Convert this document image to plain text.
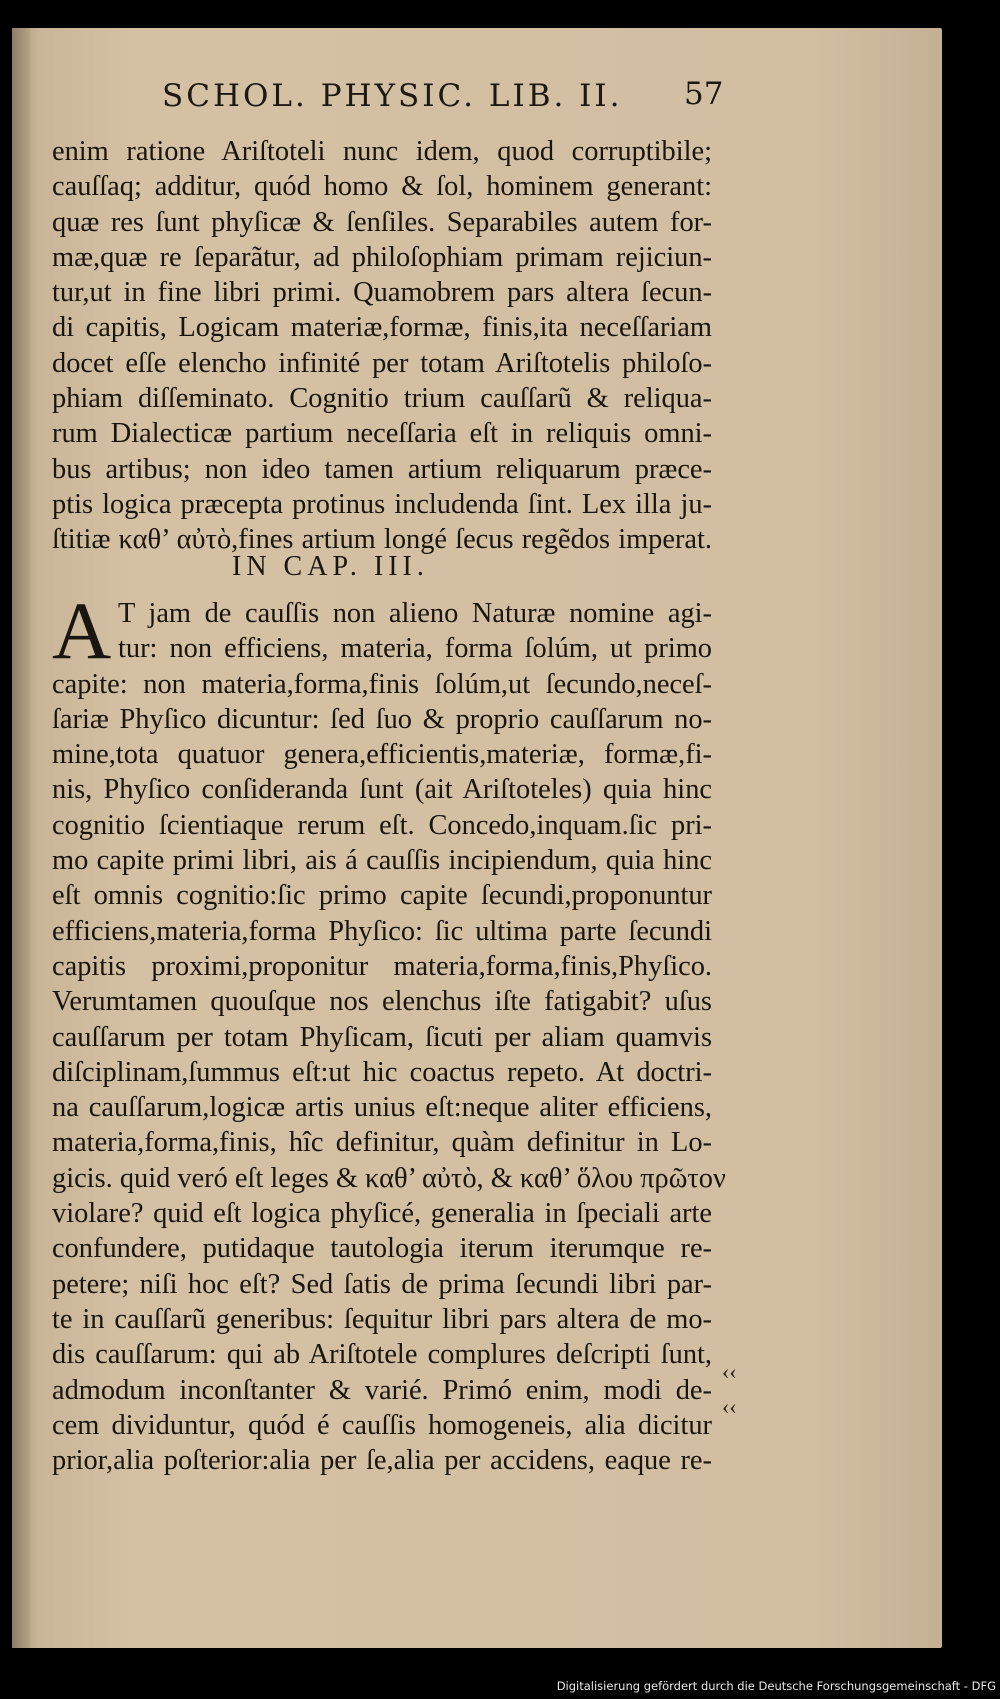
SCHOL. PHYSIC. LIB. II.	57
enim ratione Ariſtoteli nunc idem, quod corruptibile;
cauſſaq; additur, quód homo & ſol, hominem generant:
quæ res ſunt phyſicæ & ſenſiles. Separabiles autem for-
mæ,quæ re ſeparãtur, ad philoſophiam primam rejiciun-
tur,ut in fine libri primi. Quamobrem pars altera ſecun-
di capitis, Logicam materiæ,formæ, finis,ita neceſſariam
docet eſſe elencho infinité per totam Ariſtotelis philoſo-
phiam diſſeminato. Cognitio trium cauſſarũ & reliqua-
rum Dialecticæ partium neceſſaria eſt in reliquis omni-
bus artibus; non ideo tamen artium reliquarum præce-
ptis logica præcepta protinus includenda ſint. Lex illa ju-
ſtitiæ καθ’ αὐτὸ,fines artium longé ſecus regẽdos imperat.
IN CAP. III.
A T jam de cauſſis non alieno Naturæ nomine agi-
tur: non efficiens, materia, forma ſolúm, ut primo
capite: non materia,forma,finis ſolúm,ut ſecundo,neceſ-
ſariæ Phyſico dicuntur: ſed ſuo & proprio cauſſarum no-
mine,tota quatuor genera,efficientis,materiæ, formæ,fi-
nis, Phyſico conſideranda ſunt (ait Ariſtoteles) quia hinc
cognitio ſcientiaque rerum eſt. Concedo,inquam.ſic pri-
mo capite primi libri, ais á cauſſis incipiendum, quia hinc
eſt omnis cognitio:ſic primo capite ſecundi,proponuntur
efficiens,materia,forma Phyſico: ſic ultima parte ſecundi
capitis proximi,proponitur materia,forma,finis,Phyſico.
Verumtamen quouſque nos elenchus iſte fatigabit? uſus
cauſſarum per totam Phyſicam, ſicuti per aliam quamvis
diſciplinam,ſummus eſt:ut hic coactus repeto. At doctri-
na cauſſarum,logicæ artis unius eſt:neque aliter efficiens,
materia,forma,finis, hîc definitur, quàm definitur in Lo-
gicis. quid veró eſt leges & καθ’ αὐτὸ, & καθ’ ὅλου πρῶτον
violare? quid eſt logica phyſicé, generalia in ſpeciali arte
confundere, putidaque tautologia iterum iterumque re-
petere; niſi hoc eſt? Sed ſatis de prima ſecundi libri par-
te in cauſſarũ generibus: ſequitur libri pars altera de mo-
dis cauſſarum: qui ab Ariſtotele complures deſcripti ſunt,
admodum inconſtanter & varié. Primó enim, modi de-
cem dividuntur, quód é cauſſis homogeneis, alia dicitur
prior,alia poſterior:alia per ſe,alia per accidens, eaque re-
‹‹
‹‹
Digitalisierung gefördert durch die Deutsche Forschungsgemeinschaft - DFG
